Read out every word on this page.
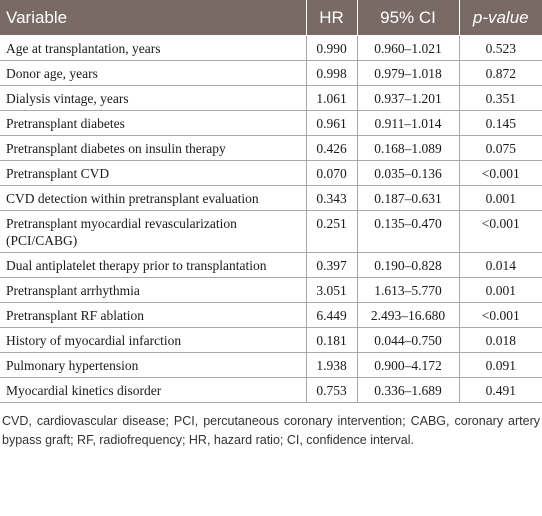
Variable	HR	95% CI	p-value
Age at transplantation, years	0.990	0.960–1.021	0.523
Donor age, years	0.998	0.979–1.018	0.872
Dialysis vintage, years	1.061	0.937–1.201	0.351
Pretransplant diabetes	0.961	0.911–1.014	0.145
Pretransplant diabetes on insulin therapy	0.426	0.168–1.089	0.075
Pretransplant CVD	0.070	0.035–0.136	<0.001
CVD detection within pretransplant evaluation	0.343	0.187–0.631	0.001
Pretransplant myocardial revascularization (PCI/CABG)	0.251	0.135–0.470	<0.001
Dual antiplatelet therapy prior to transplantation	0.397	0.190–0.828	0.014
Pretransplant arrhythmia	3.051	1.613–5.770	0.001
Pretransplant RF ablation	6.449	2.493–16.680	<0.001
History of myocardial infarction	0.181	0.044–0.750	0.018
Pulmonary hypertension	1.938	0.900–4.172	0.091
Myocardial kinetics disorder	0.753	0.336–1.689	0.491

CVD, cardiovascular disease; PCI, percutaneous coronary intervention; CABG, coronary artery bypass graft; RF, radiofrequency; HR, hazard ratio; CI, confidence interval.
